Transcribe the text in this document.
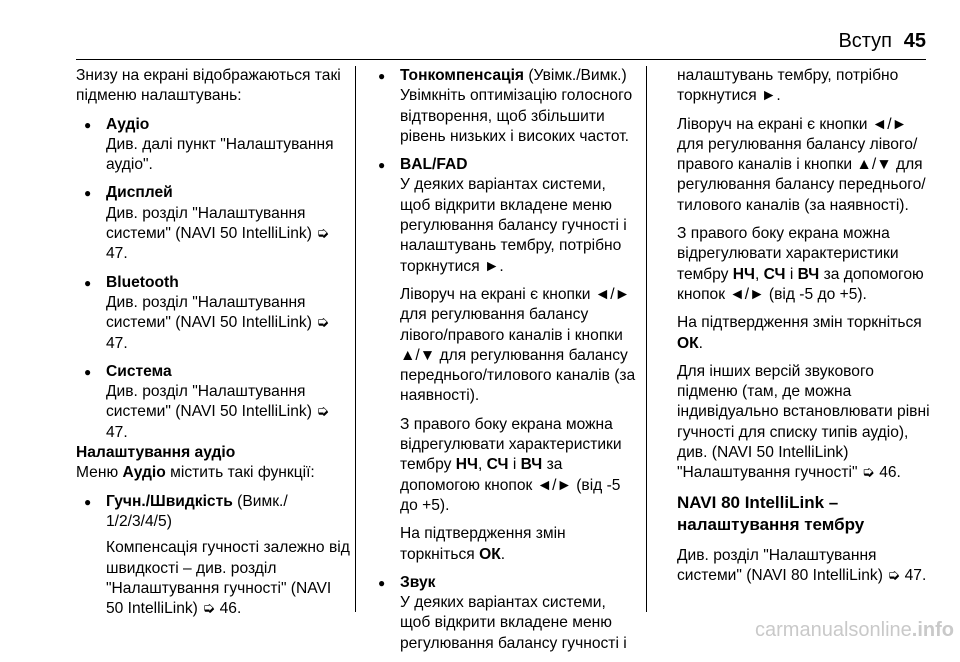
Вступ 45

Знизу на екрані відображаються такі підменю налаштувань:

● Аудіо
Див. далі пункт "Налаштування аудіо".
● Дисплей
Див. розділ "Налаштування системи" (NAVI 50 IntelliLink) ➭ 47.
● Bluetooth
Див. розділ "Налаштування системи" (NAVI 50 IntelliLink) ➭ 47.
● Система
Див. розділ "Налаштування системи" (NAVI 50 IntelliLink) ➭ 47.
Налаштування аудіо

Меню Аудіо містить такі функції:

● Гучн./Швидкість (Вимк./ 1/2/3/4/5)
Компенсація гучності залежно від швидкості – див. розділ "Налаштування гучності" (NAVI 50 IntelliLink) ➭ 46.
● Тонкомпенсація (Увімк./Вимк.)
Увімкніть оптимізацію голосного відтворення, щоб збільшити рівень низьких і високих частот.
● BAL/FAD

У деяких варіантах системи, щоб відкрити вкладене меню регулювання балансу гучності і налаштувань тембру, потрібно торкнутися ►.

Ліворуч на екрані є кнопки ◄/► для регулювання балансу лівого/правого каналів і кнопки ▲/▼ для регулювання балансу переднього/тилового каналів (за наявності).

З правого боку екрана можна відрегулювати характеристики тембру НЧ, СЧ і ВЧ за допомогою кнопок ◄/► (від -5 до +5).

На підтвердження змін торкніться ОК.

● Звук
У деяких варіантах системи, щоб відкрити вкладене меню регулювання балансу гучності і

налаштувань тембру, потрібно торкнутися ►.

Ліворуч на екрані є кнопки ◄/► для регулювання балансу лівого/правого каналів і кнопки ▲/▼ для регулювання балансу переднього/тилового каналів (за наявності).

З правого боку екрана можна відрегулювати характеристики тембру НЧ, СЧ і ВЧ за допомогою кнопок ◄/► (від -5 до +5).

На підтвердження змін торкніться ОК.

Для інших версій звукового підменю (там, де можна індивідуально встановлювати рівні гучності для списку типів аудіо), див. (NAVI 50 IntelliLink) "Налаштування гучності" ➭ 46.

NAVI 80 IntelliLink – налаштування тембру

Див. розділ "Налаштування системи" (NAVI 80 IntelliLink) ➭ 47.

carmanualsonline.info
